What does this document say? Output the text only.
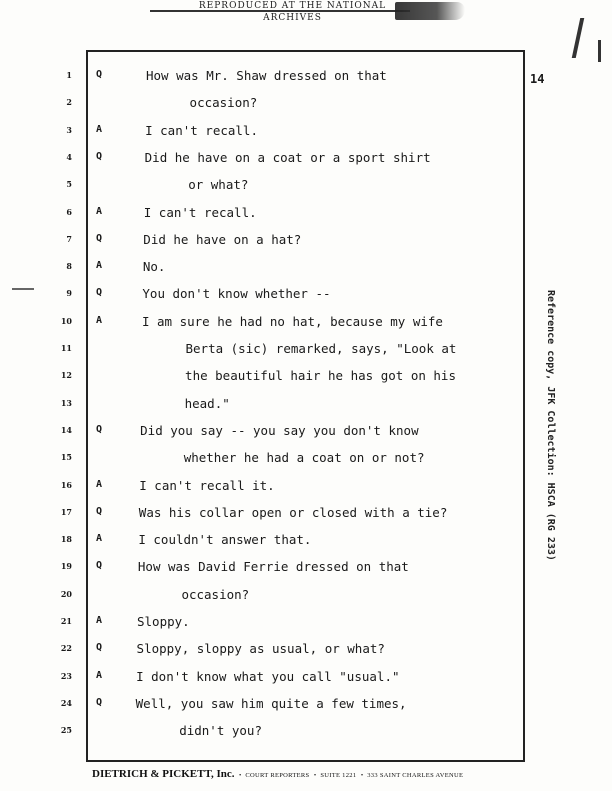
REPRODUCED AT THE NATIONAL ARCHIVES
14
1 Q	How was Mr. Shaw dressed on that
2	occasion?
3 A	I can't recall.
4 Q	Did he have on a coat or a sport shirt
5	or what?
6 A	I can't recall.
7 Q	Did he have on a hat?
8 A	No.
9 Q	You don't know whether --
10 A	I am sure he had no hat, because my wife
11	Berta (sic) remarked, says, "Look at
12	the beautiful hair he has got on his
13	head."
14 Q	Did you say -- you say you don't know
15	whether he had a coat on or not?
16 A	I can't recall it.
17 Q	Was his collar open or closed with a tie?
18 A	I couldn't answer that.
19 Q	How was David Ferrie dressed on that
20	occasion?
21 A	Sloppy.
22 Q	Sloppy, sloppy as usual, or what?
23 A	I don't know what you call "usual."
24 Q	Well, you saw him quite a few times,
25	didn't you?
Reference copy, JFK Collection: HSCA (RG 233)
DIETRICH & PICKETT, Inc.  •  COURT REPORTERS  •  SUITE 1221  •  333 SAINT CHARLES AVENUE
